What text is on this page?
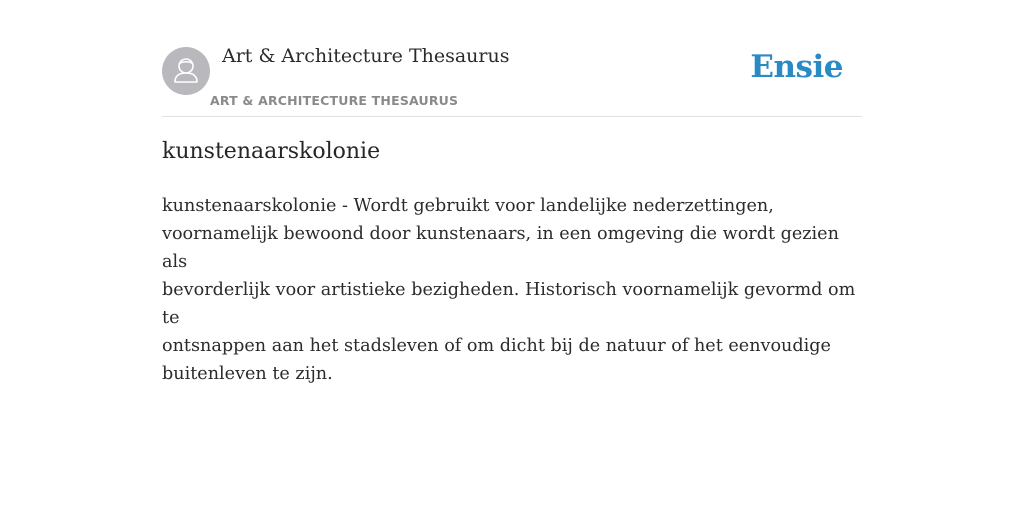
Art & Architecture Thesaurus
ART & ARCHITECTURE THESAURUS
Ensie
kunstenaarskolonie

kunstenaarskolonie - Wordt gebruikt voor landelijke nederzettingen,
voornamelijk bewoond door kunstenaars, in een omgeving die wordt gezien als
bevorderlijk voor artistieke bezigheden. Historisch voornamelijk gevormd om te
ontsnappen aan het stadsleven of om dicht bij de natuur of het eenvoudige
buitenleven te zijn.
